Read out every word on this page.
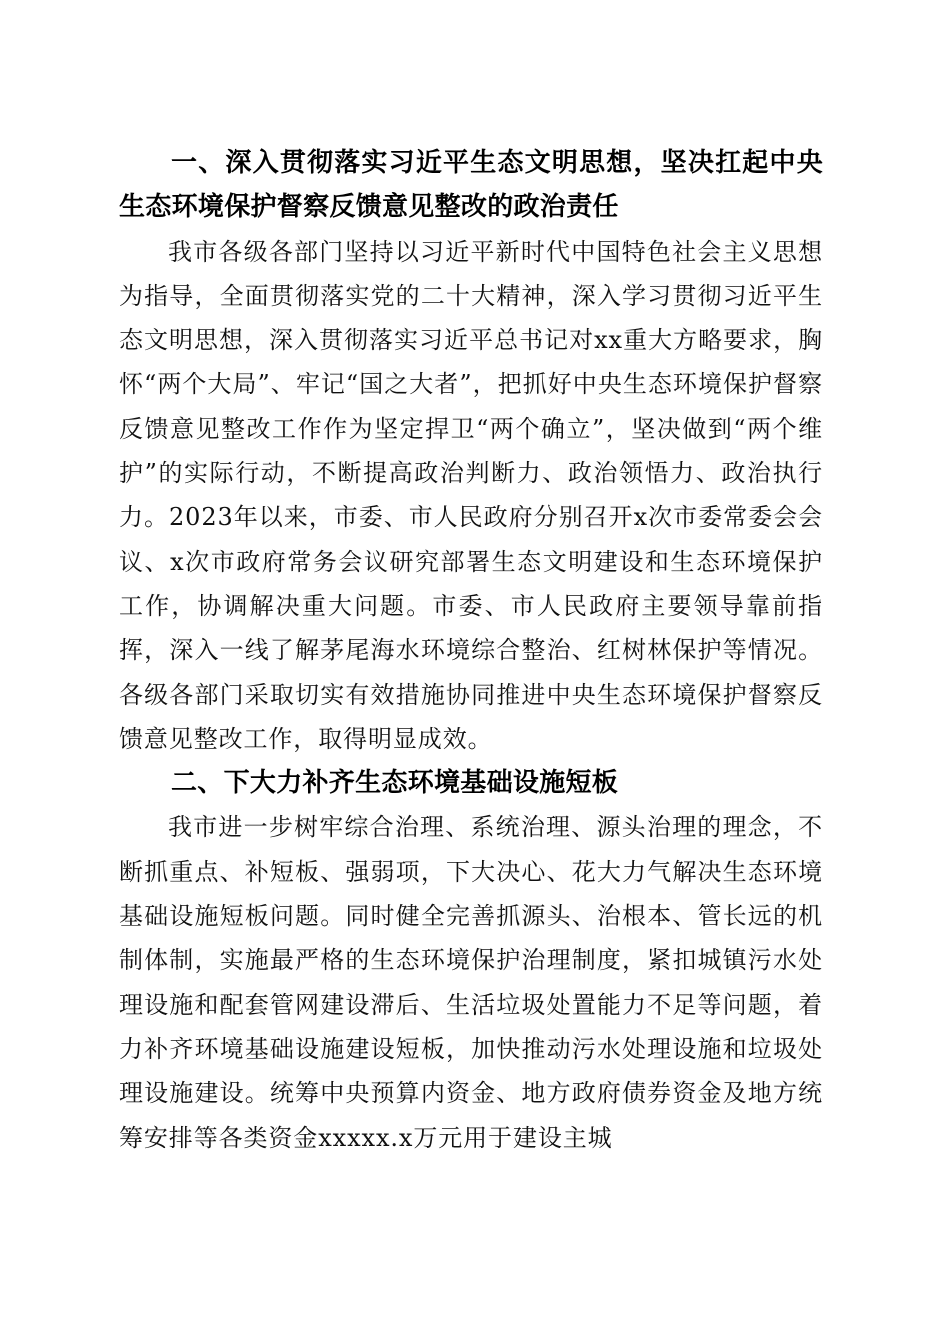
一、深入贯彻落实习近平生态文明思想，坚决扛起中央生态环境保护督察反馈意见整改的政治责任

我市各级各部门坚持以习近平新时代中国特色社会主义思想为指导，全面贯彻落实党的二十大精神，深入学习贯彻习近平生态文明思想，深入贯彻落实习近平总书记对xx重大方略要求，胸怀“两个大局”、牢记“国之大者”，把抓好中央生态环境保护督察反馈意见整改工作作为坚定捍卫“两个确立”，坚决做到“两个维护”的实际行动，不断提高政治判断力、政治领悟力、政治执行力。2023年以来，市委、市人民政府分别召开x次市委常委会会议、x次市政府常务会议研究部署生态文明建设和生态环境保护工作，协调解决重大问题。市委、市人民政府主要领导靠前指挥，深入一线了解茅尾海水环境综合整治、红树林保护等情况。各级各部门采取切实有效措施协同推进中央生态环境保护督察反馈意见整改工作，取得明显成效。

二、下大力补齐生态环境基础设施短板

我市进一步树牢综合治理、系统治理、源头治理的理念，不断抓重点、补短板、强弱项，下大决心、花大力气解决生态环境基础设施短板问题。同时健全完善抓源头、治根本、管长远的机制体制，实施最严格的生态环境保护治理制度，紧扣城镇污水处理设施和配套管网建设滞后、生活垃圾处置能力不足等问题，着力补齐环境基础设施建设短板，加快推动污水处理设施和垃圾处理设施建设。统筹中央预算内资金、地方政府债券资金及地方统筹安排等各类资金xxxxx.x万元用于建设主城
